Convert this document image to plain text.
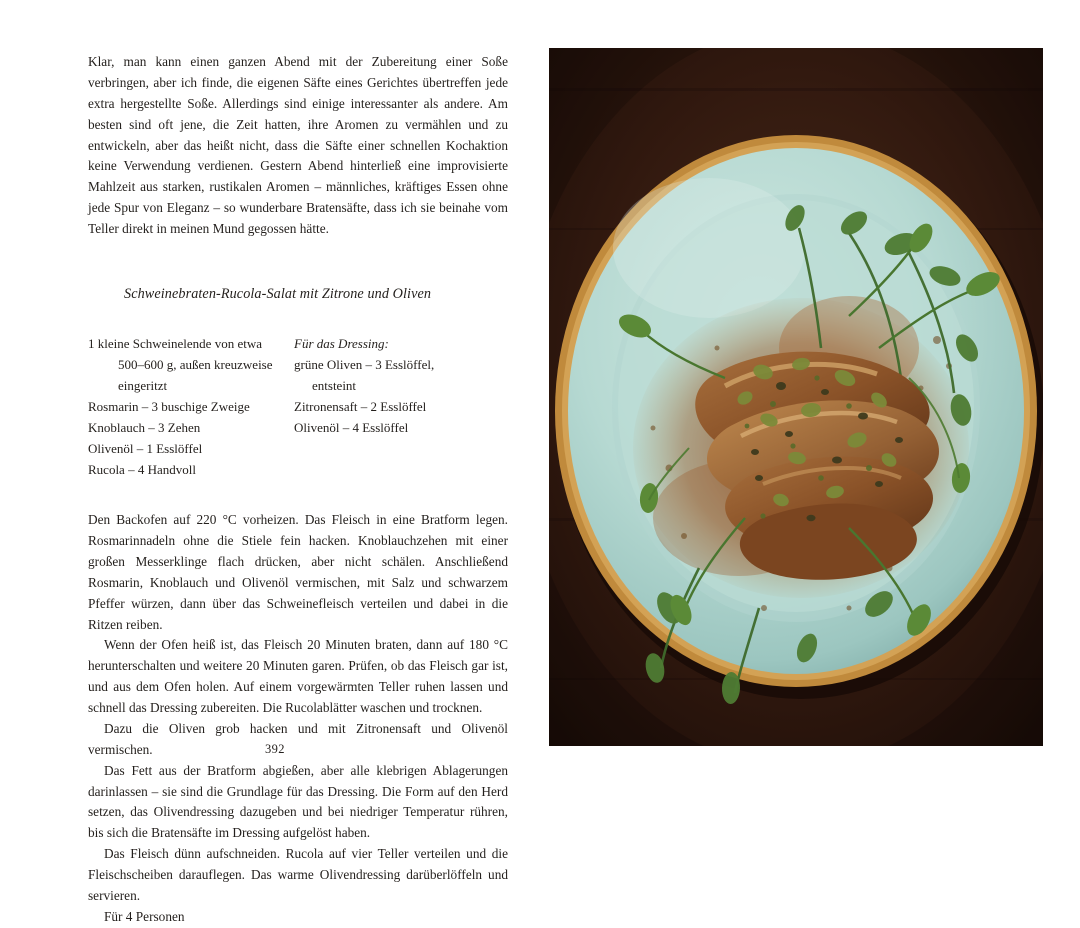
Klar, man kann einen ganzen Abend mit der Zubereitung einer Soße verbringen, aber ich finde, die eigenen Säfte eines Gerichtes übertreffen jede extra hergestellte Soße. Allerdings sind einige interessanter als andere. Am besten sind oft jene, die Zeit hatten, ihre Aromen zu vermählen und zu entwickeln, aber das heißt nicht, dass die Säfte einer schnellen Kochaktion keine Verwendung verdienen. Gestern Abend hinterließ eine improvisierte Mahlzeit aus starken, rustikalen Aromen – männliches, kräftiges Essen ohne jede Spur von Eleganz – so wunderbare Bratensäfte, dass ich sie beinahe vom Teller direkt in meinen Mund gegossen hätte.

Schweinebraten-Rucola-Salat mit Zitrone und Oliven

1 kleine Schweinelende von etwa

500–600 g, außen kreuzweise

eingeritzt

Rosmarin – 3 buschige Zweige

Knoblauch – 3 Zehen

Olivenöl – 1 Esslöffel

Rucola – 4 Handvoll

Für das Dressing:

grüne Oliven – 3 Esslöffel,

entsteint

Zitronensaft – 2 Esslöffel

Olivenöl – 4 Esslöffel

Den Backofen auf 220 °C vorheizen. Das Fleisch in eine Bratform legen. Rosmarinnadeln ohne die Stiele fein hacken. Knoblauchzehen mit einer großen Messerklinge flach drücken, aber nicht schälen. Anschließend Rosmarin, Knoblauch und Olivenöl vermischen, mit Salz und schwarzem Pfeffer würzen, dann über das Schweinefleisch verteilen und dabei in die Ritzen reiben.

Wenn der Ofen heiß ist, das Fleisch 20 Minuten braten, dann auf 180 °C herunterschalten und weitere 20 Minuten garen. Prüfen, ob das Fleisch gar ist, und aus dem Ofen holen. Auf einem vorgewärmten Teller ruhen lassen und schnell das Dressing zubereiten. Die Rucolablätter waschen und trocknen.

Dazu die Oliven grob hacken und mit Zitronensaft und Olivenöl vermischen.

Das Fett aus der Bratform abgießen, aber alle klebrigen Ablagerungen darinlassen – sie sind die Grundlage für das Dressing. Die Form auf den Herd setzen, das Olivendressing dazugeben und bei niedriger Temperatur rühren, bis sich die Bratensäfte im Dressing aufgelöst haben.

Das Fleisch dünn aufschneiden. Rucola auf vier Teller verteilen und die Fleischscheiben darauflegen. Das warme Olivendressing darüberlöffeln und servieren.

Für 4 Personen

392
